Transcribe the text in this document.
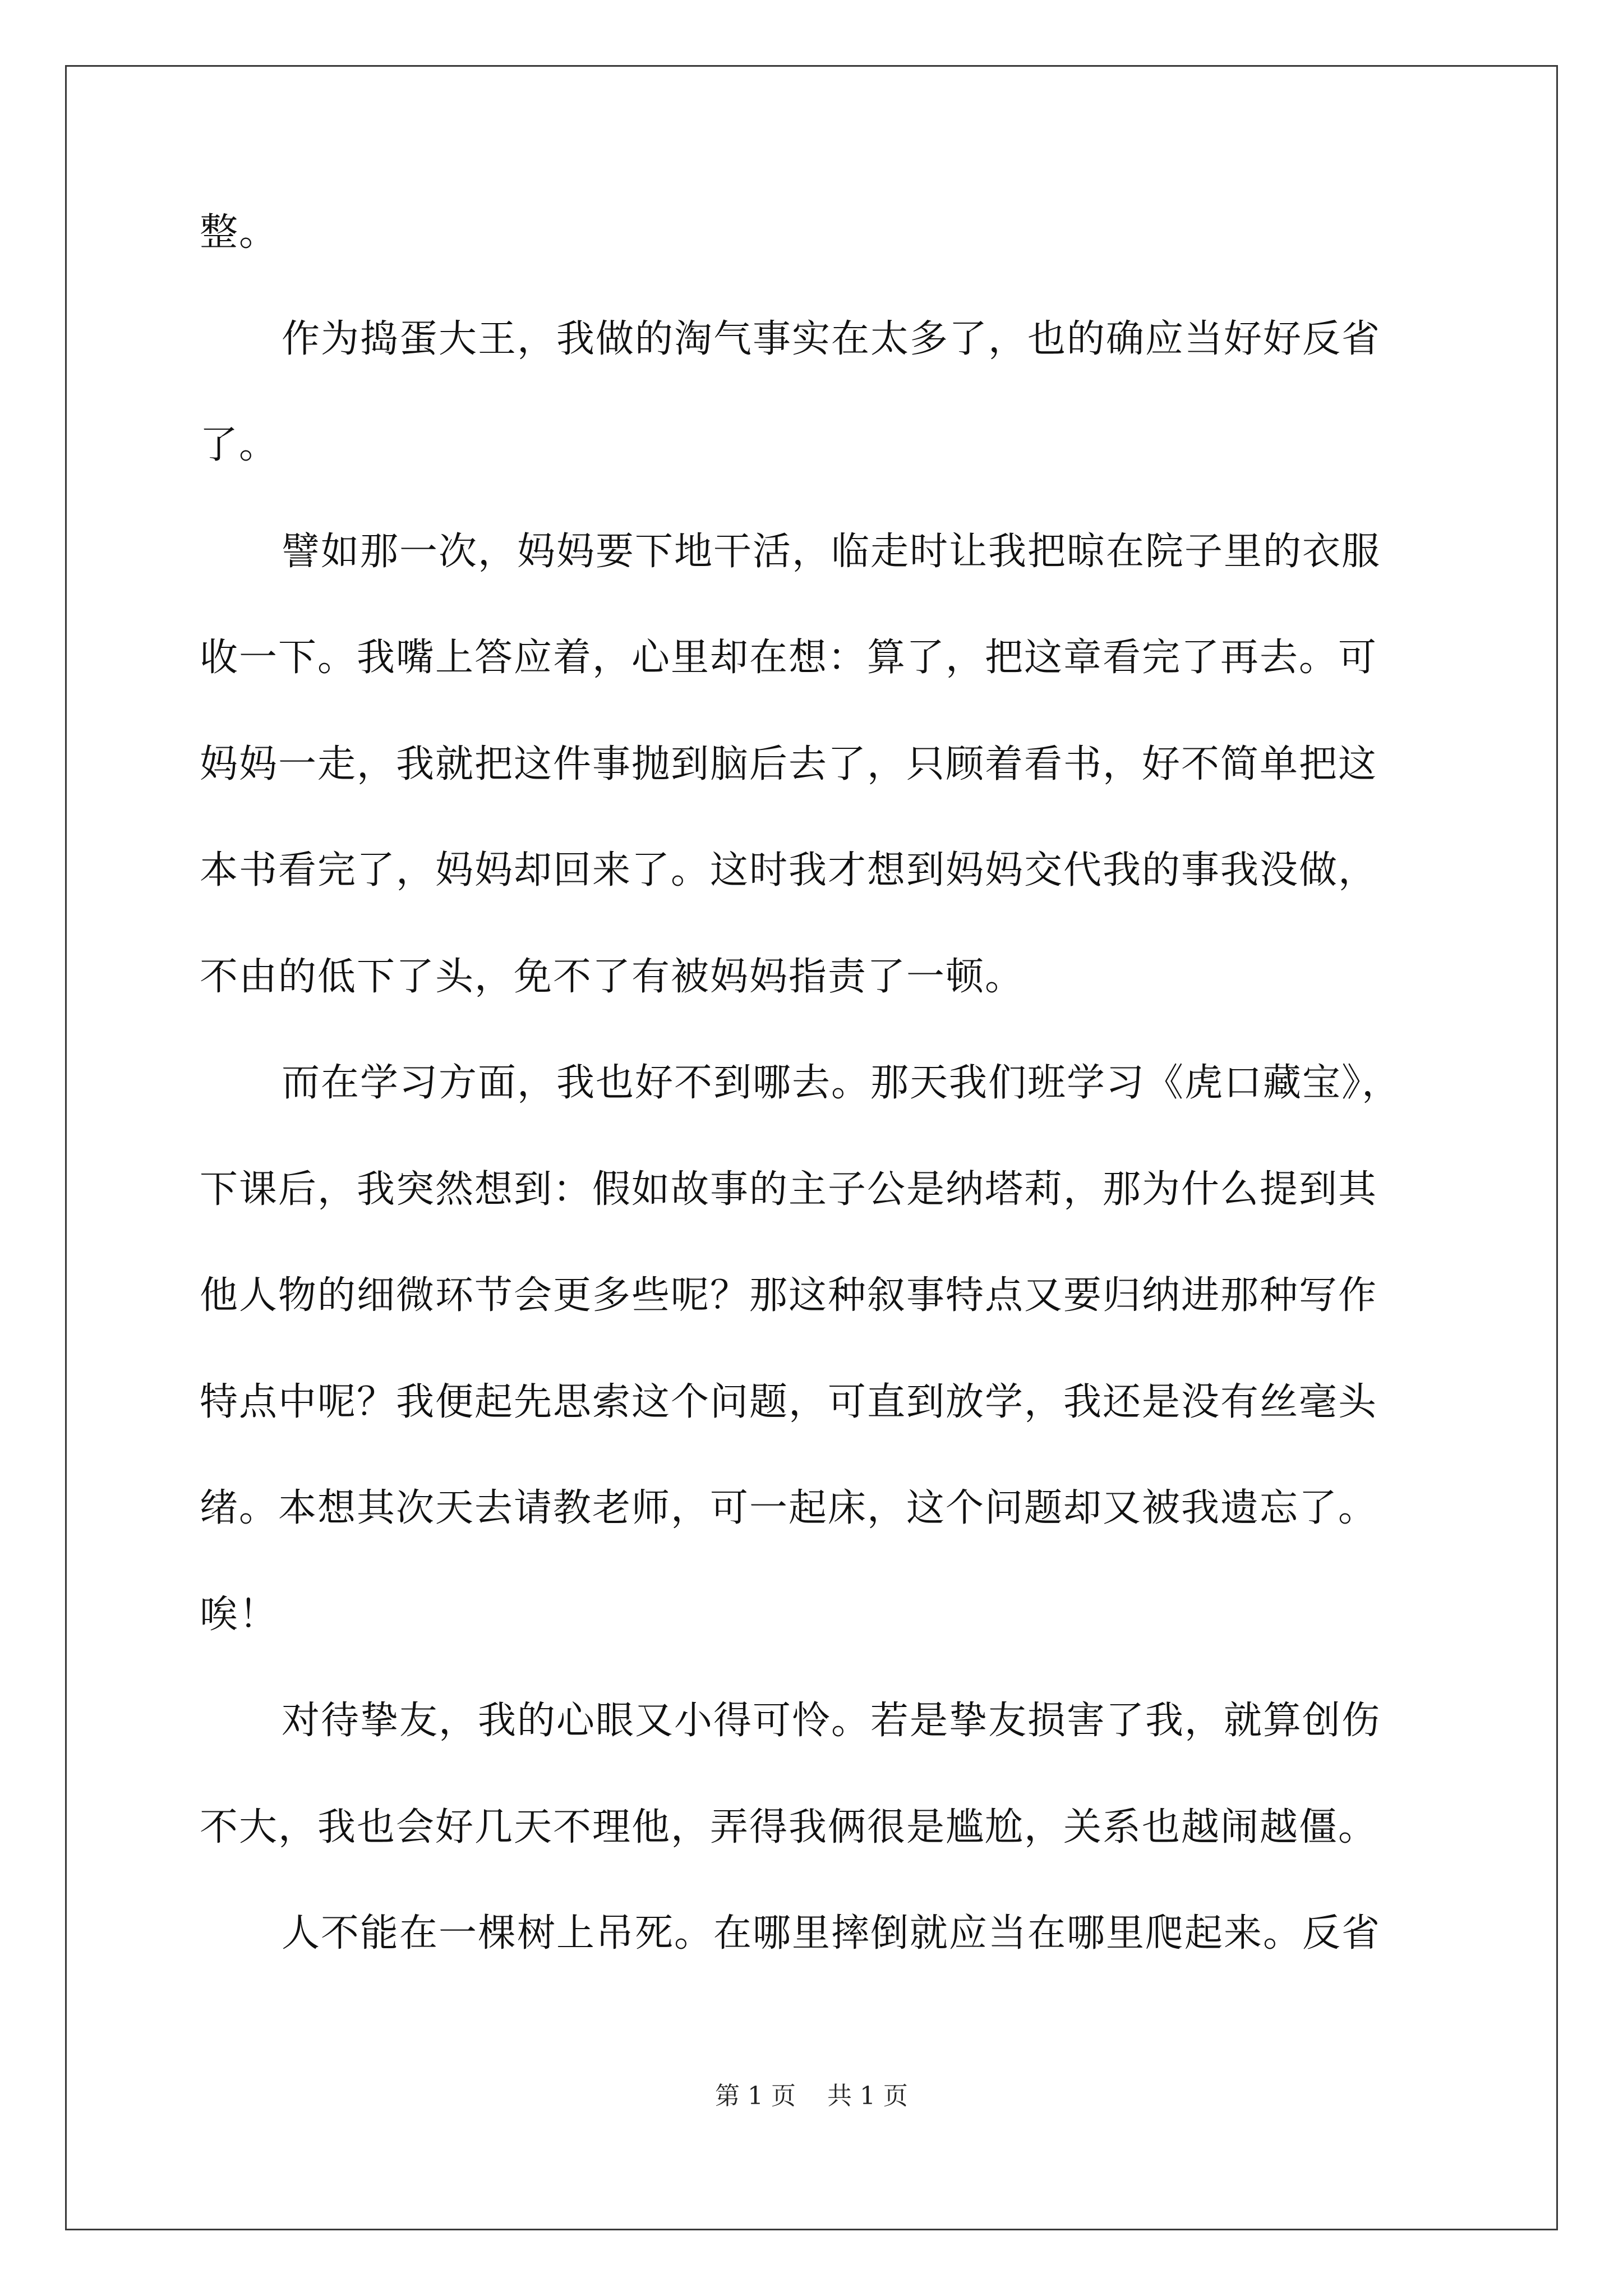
整。
作为捣蛋大王，我做的淘气事实在太多了，也的确应当好好反省
了。
譬如那一次，妈妈要下地干活，临走时让我把晾在院子里的衣服
收一下。我嘴上答应着，心里却在想：算了，把这章看完了再去。可
妈妈一走，我就把这件事抛到脑后去了，只顾着看书，好不简单把这
本书看完了，妈妈却回来了。这时我才想到妈妈交代我的事我没做，
不由的低下了头，免不了有被妈妈指责了一顿。
而在学习方面，我也好不到哪去。那天我们班学习《虎口藏宝》，
下课后，我突然想到：假如故事的主子公是纳塔莉，那为什么提到其
他人物的细微环节会更多些呢？那这种叙事特点又要归纳进那种写作
特点中呢？我便起先思索这个问题，可直到放学，我还是没有丝毫头
绪。本想其次天去请教老师，可一起床，这个问题却又被我遗忘了。
唉！
对待挚友，我的心眼又小得可怜。若是挚友损害了我，就算创伤
不大，我也会好几天不理他，弄得我俩很是尴尬，关系也越闹越僵。
人不能在一棵树上吊死。在哪里摔倒就应当在哪里爬起来。反省
第 1 页    共 1 页
